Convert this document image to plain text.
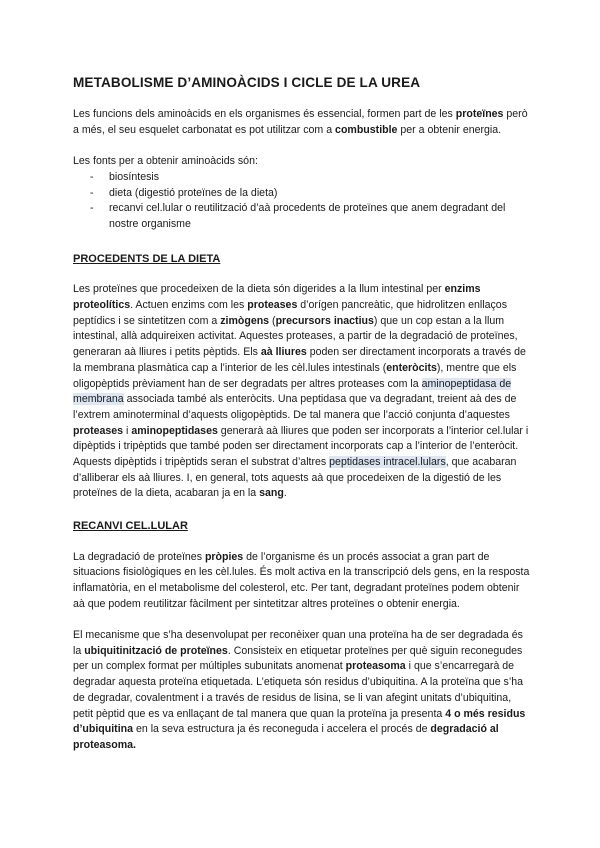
METABOLISME D’AMINOÀCIDS I CICLE DE LA UREA

Les funcions dels aminoàcids en els organismes és essencial, formen part de les proteïnes però a més, el seu esquelet carbonatat es pot utilitzar com a combustible per a obtenir energia.

Les fonts per a obtenir aminoàcids són:

- biosíntesis
- dieta (digestió proteïnes de la dieta)
- recanvi cel.lular o reutilització d’aà procedents de proteïnes que anem degradant del nostre organisme
PROCEDENTS DE LA DIETA

Les proteïnes que procedeixen de la dieta són digerides a la llum intestinal per enzims proteolítics. Actuen enzims com les proteases d’orígen pancreàtic, que hidrolitzen enllaços peptídics i se sintetitzen com a zimògens (precursors inactius) que un cop estan a la llum intestinal, allà adquireixen activitat. Aquestes proteases, a partir de la degradació de proteïnes, generaran aà lliures i petits pèptids. Els aà lliures poden ser directament incorporats a través de la membrana plasmàtica cap a l’interior de les cèl.lules intestinals (enteròcits), mentre que els oligopèptids prèviament han de ser degradats per altres proteases com la aminopeptidasa de membrana associada també als enteròcits. Una peptidasa que va degradant, treient aà des de l’extrem aminoterminal d’aquests oligopèptids. De tal manera que l’acció conjunta d’aquestes proteases i aminopeptidases generarà aà lliures que poden ser incorporats a l’interior cel.lular i dipèptids i tripèptids que també poden ser directament incorporats cap a l’interior de l’enteròcit. Aquests dipèptids i tripèptids seran el substrat d’altres peptidases intracel.lulars, que acabaran d’alliberar els aà lliures. I, en general, tots aquests aà que procedeixen de la digestió de les proteïnes de la dieta, acabaran ja en la sang.

RECANVI CEL.LULAR

La degradació de proteïnes pròpies de l’organisme és un procés associat a gran part de situacions fisiològiques en les cèl.lules. És molt activa en la transcripció dels gens, en la resposta inflamatòria, en el metabolisme del colesterol, etc. Per tant, degradant proteïnes podem obtenir aà que podem reutilitzar fàcilment per sintetitzar altres proteïnes o obtenir energia.

El mecanisme que s’ha desenvolupat per reconèixer quan una proteïna ha de ser degradada és la ubiquitinització de proteïnes. Consisteix en etiquetar proteïnes per què siguin reconegudes per un complex format per múltiples subunitats anomenat proteasoma i que s’encarregarà de degradar aquesta proteïna etiquetada. L’etiqueta són residus d’ubiquitina. A la proteïna que s’ha de degradar, covalentment i a través de residus de lisina, se li van afegint unitats d’ubiquitina, petit pèptid que es va enllaçant de tal manera que quan la proteïna ja presenta 4 o més residus d’ubiquitina en la seva estructura ja és reconeguda i accelera el procés de degradació al proteasoma.
